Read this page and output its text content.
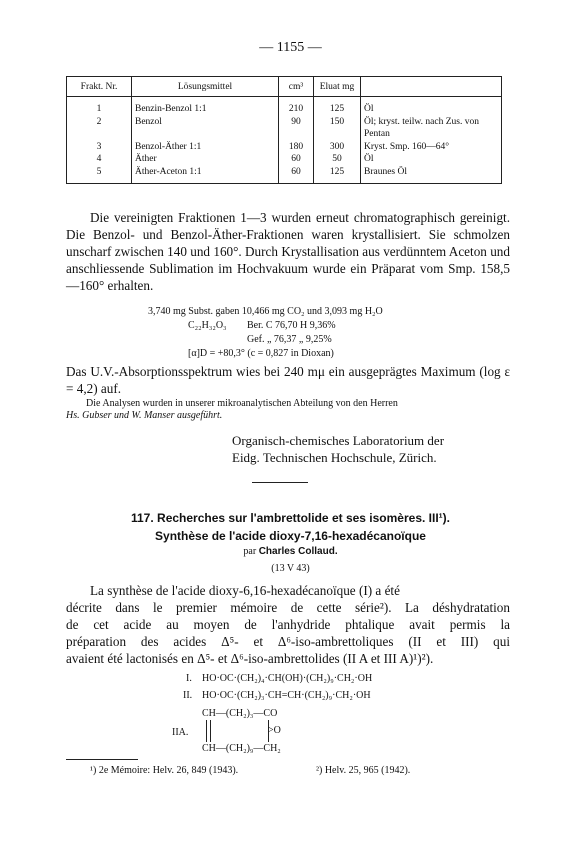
— 1155 —
Frakt. Nr.	Lösungsmittel	cm³	Eluat mg	
1	Benzin-Benzol 1:1	210	125	Öl
2	Benzol	90	150	Öl; kryst. teilw. nach Zus. von Pentan
3	Benzol-Äther 1:1	180	300	Kryst. Smp. 160—64°
4	Äther	60	50	Öl
5	Äther-Aceton 1:1	60	125	Braunes Öl
Die vereinigten Fraktionen 1—3 wurden erneut chromatographisch gereinigt. Die Benzol- und Benzol-Äther-Fraktionen waren krystallisiert. Sie schmolzen unscharf zwischen 140 und 160°. Durch Krystallisation aus verdünntem Aceton und anschliessende Sublimation im Hochvakuum wurde ein Präparat vom Smp. 158,5—160° erhalten.
3,740 mg Subst. gaben 10,466 mg CO₂ und 3,093 mg H₂O
C₂₂H₃₂O₃ Ber. C 76,70 H 9,36%
Gef. „ 76,37 „ 9,25%
[α]D = +80,3° (c = 0,827 in Dioxan)
Das U.V.-Absorptionsspektrum wies bei 240 mμ ein ausgeprägtes Maximum (log ε = 4,2) auf.
Die Analysen wurden in unserer mikroanalytischen Abteilung von den Herren
Hs. Gubser und W. Manser ausgeführt.
Organisch-chemisches Laboratorium der
Eidg. Technischen Hochschule, Zürich.
117. Recherches sur l'ambrettolide et ses isomères. III¹).
Synthèse de l'acide dioxy-7,16-hexadécanoïque
par Charles Collaud.
(13 V 43)
La synthèse de l'acide dioxy-6,16-hexadécanoïque (I) a été
décrite dans le premier mémoire de cette série²). La déshydratation
de cet acide au moyen de l'anhydride phtalique avait permis la
préparation des acides Δ⁵- et Δ⁶-iso-ambrettoliques (II et III) qui
avaient été lactonisés en Δ⁵- et Δ⁶-iso-ambrettolides (II A et III A)¹)²).
I. HO·OC·(CH₂)₄·CH(OH)·(CH₂)₉·CH₂·OH
II. HO·OC·(CH₂)₃·CH=CH·(CH₂)₉·CH₂·OH
CH—(CH₂)₃—CO
>O
IIA.
CH—(CH₂)₉—CH₂
¹) 2e Mémoire: Helv. 26, 849 (1943).	²) Helv. 25, 965 (1942).
